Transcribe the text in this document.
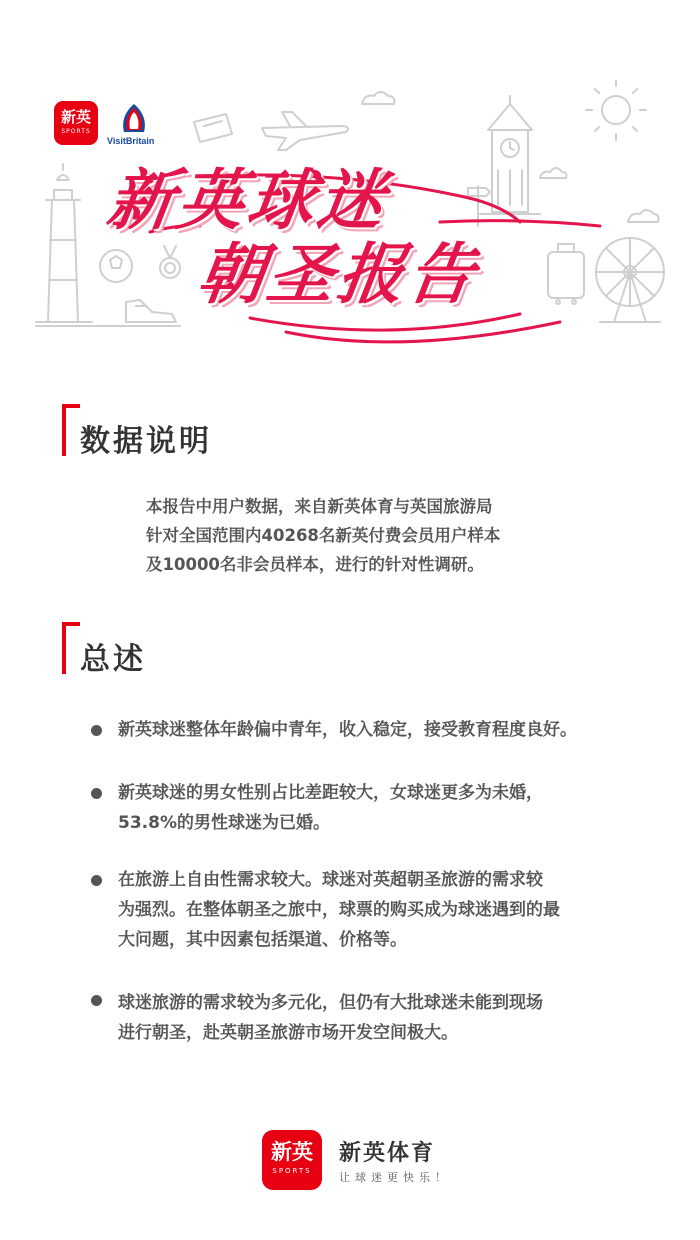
新英
SPORTS
VisitBritain
新英球迷
朝圣报告
数据说明
本报告中用户数据，来自新英体育与英国旅游局
针对全国范围内40268名新英付费会员用户样本
及10000名非会员样本，进行的针对性调研。
总述
新英球迷整体年龄偏中青年，收入稳定，接受教育程度良好。
新英球迷的男女性别占比差距较大，女球迷更多为未婚，
53.8%的男性球迷为已婚。
在旅游上自由性需求较大。球迷对英超朝圣旅游的需求较
为强烈。在整体朝圣之旅中，球票的购买成为球迷遇到的最
大问题，其中因素包括渠道、价格等。
球迷旅游的需求较为多元化，但仍有大批球迷未能到现场
进行朝圣，赴英朝圣旅游市场开发空间极大。
新英
SPORTS
新英体育
让球迷更快乐！
